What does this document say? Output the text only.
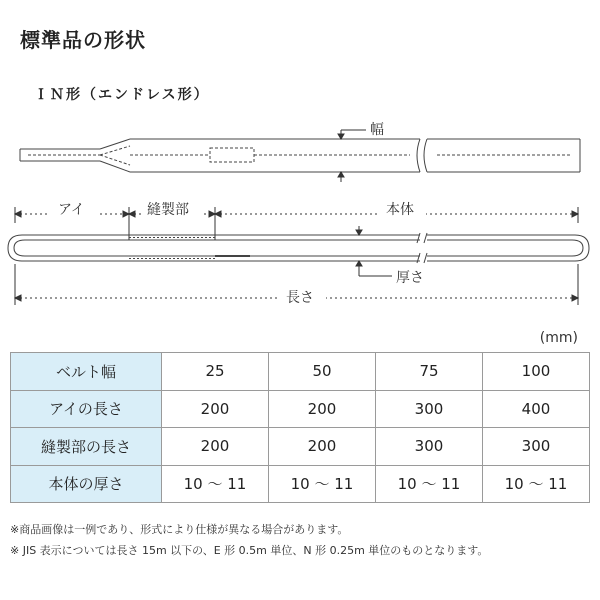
標準品の形状
ＩＮ形（エンドレス形）
幅
アイ	縫製部	本体
厚さ
長さ
(mm)
ベルト幅	25	50	75	100
アイの長さ	200	200	300	400
縫製部の長さ	200	200	300	300
本体の厚さ	10 ～ 11	10 ～ 11	10 ～ 11	10 ～ 11
※商品画像は一例であり、形式により仕様が異なる場合があります。
※ JIS 表示については長さ 15m 以下の、E 形 0.5m 単位、N 形 0.25m 単位のものとなります。
